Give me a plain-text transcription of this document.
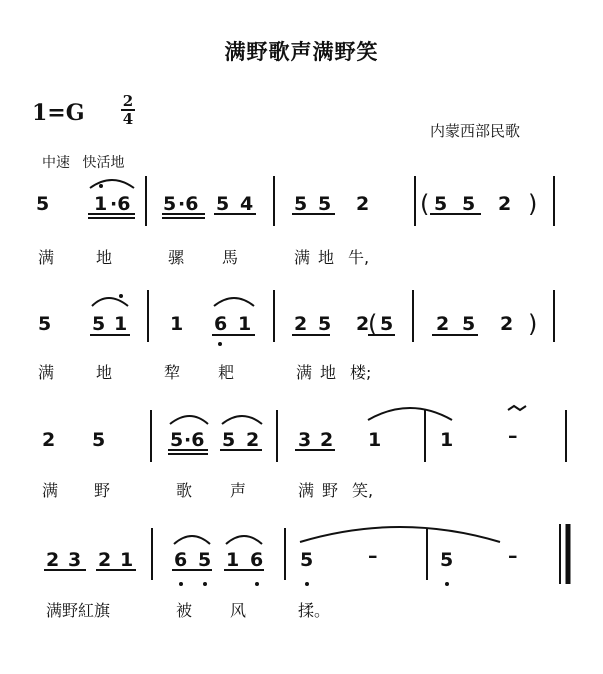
满野歌声满野笑
1=G	2
4
内蒙西部民歌
中速 快活地
5 1 ·6 5 ·6 5 4 5 5 2 ( 5 5 2 )
满	地	骡 馬	满地 牛,
5 5 1 1 6 1 2 5 2
( 5 2 5 2 )
满	地	犂 耙	满地 楼;
2 5	5 ·6 5 2 3 2 1	1	–
满 野	歌 声	满野 笑,
2 3 2 1 6 5 1 6 5	–	5	–
满野紅旗	被 风	揉。
